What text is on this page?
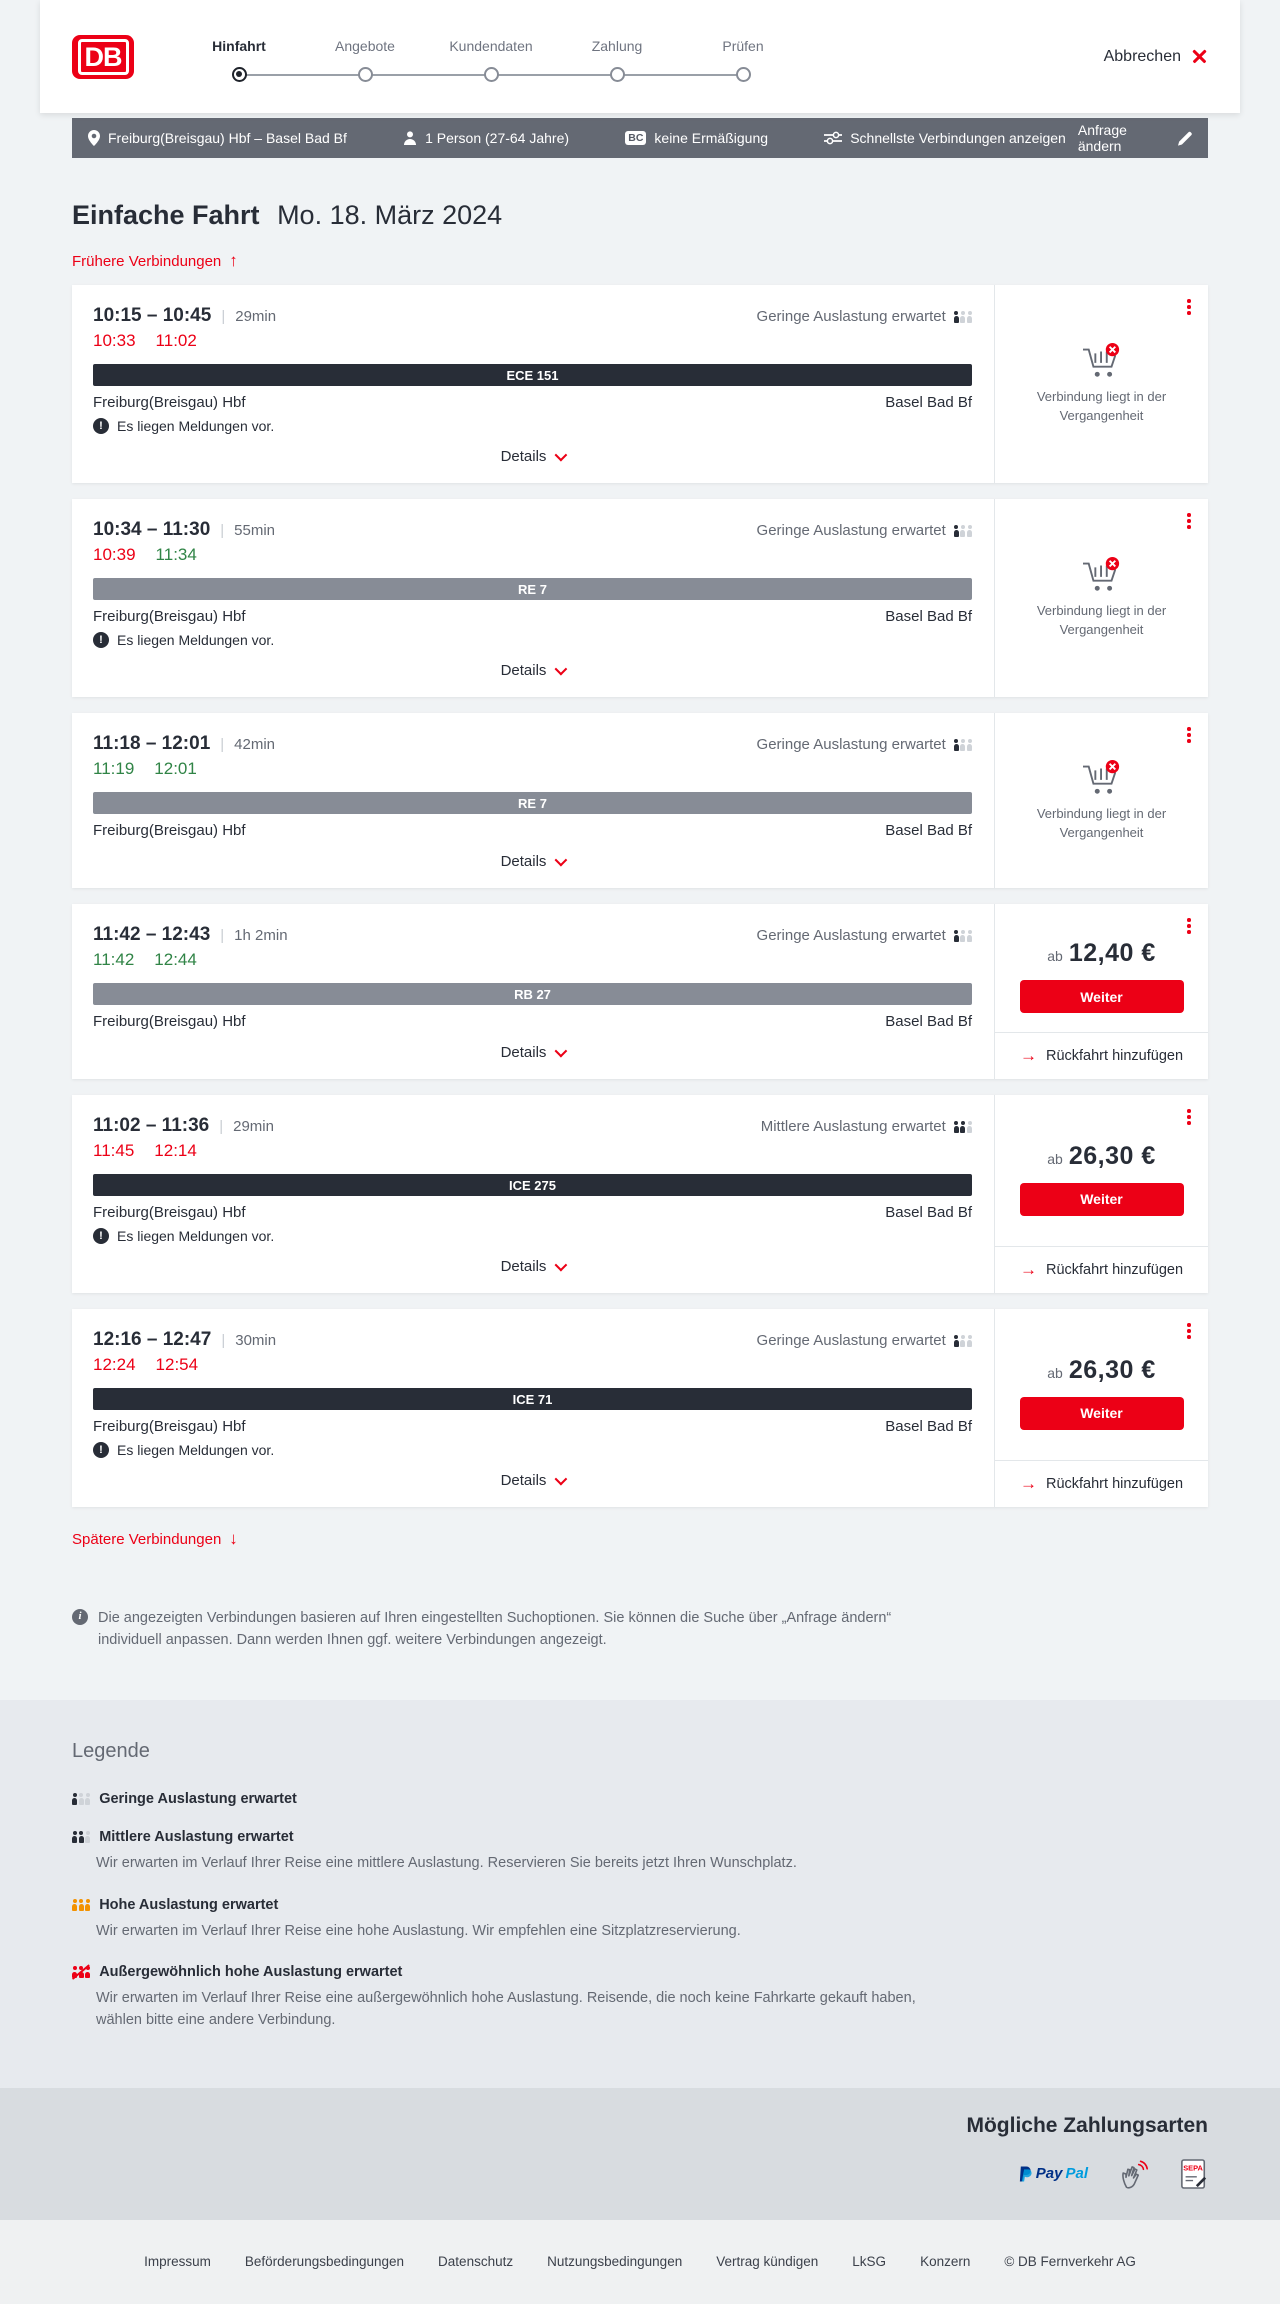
DB	Hinfahrt	Angebote	Kundendaten	Zahlung	Prüfen
Abbrechen
Freiburg(Breisgau) Hbf – Basel Bad Bf	1 Person (27-64 Jahre)	BC keine Ermäßigung	Schnellste Verbindungen anzeigen Anfrage ändern
Einfache Fahrt Mo. 18. März 2024
Frühere Verbindungen ↑
10:15 – 10:45 | 29min	Geringe Auslastung erwartet
10:33 11:02
ECE 151
Freiburg(Breisgau) Hbf	Basel Bad Bf
!	Es liegen Meldungen vor.
Details
Verbindung liegt in der Vergangenheit
10:34 – 11:30 | 55min	Geringe Auslastung erwartet
10:39 11:34
RE 7
Freiburg(Breisgau) Hbf	Basel Bad Bf
!	Es liegen Meldungen vor.
Details
Verbindung liegt in der Vergangenheit
11:18 – 12:01 | 42min	Geringe Auslastung erwartet
11:19 12:01
RE 7
Freiburg(Breisgau) Hbf	Basel Bad Bf
Details
Verbindung liegt in der Vergangenheit
11:42 – 12:43 | 1h 2min	Geringe Auslastung erwartet
11:42 12:44
RB 27
Freiburg(Breisgau) Hbf	Basel Bad Bf
Details
ab 12,40 €
Weiter
→ Rückfahrt hinzufügen
11:02 – 11:36 | 29min	Mittlere Auslastung erwartet
11:45 12:14
ICE 275
Freiburg(Breisgau) Hbf	Basel Bad Bf
!	Es liegen Meldungen vor.
Details
ab 26,30 €
Weiter
→ Rückfahrt hinzufügen
12:16 – 12:47 | 30min	Geringe Auslastung erwartet
12:24 12:54
ICE 71
Freiburg(Breisgau) Hbf	Basel Bad Bf
!	Es liegen Meldungen vor.
Details
ab 26,30 €
Weiter
→ Rückfahrt hinzufügen
Spätere Verbindungen ↓
i	Die angezeigten Verbindungen basieren auf Ihren eingestellten Suchoptionen. Sie können die Suche über „Anfrage ändern“ individuell anpassen. Dann werden Ihnen ggf. weitere Verbindungen angezeigt.
Legende
Geringe Auslastung erwartet
Mittlere Auslastung erwartet
Wir erwarten im Verlauf Ihrer Reise eine mittlere Auslastung. Reservieren Sie bereits jetzt Ihren Wunschplatz.
Hohe Auslastung erwartet
Wir erwarten im Verlauf Ihrer Reise eine hohe Auslastung. Wir empfehlen eine Sitzplatzreservierung.
Außergewöhnlich hohe Auslastung erwartet
Wir erwarten im Verlauf Ihrer Reise eine außergewöhnlich hohe Auslastung. Reisende, die noch keine Fahrkarte gekauft haben, wählen bitte eine andere Verbindung.
Mögliche Zahlungsarten
Pay Pal	SEPA
Impressum	Beförderungsbedingungen	Datenschutz	Nutzungsbedingungen	Vertrag kündigen	LkSG	Konzern	© DB Fernverkehr AG
